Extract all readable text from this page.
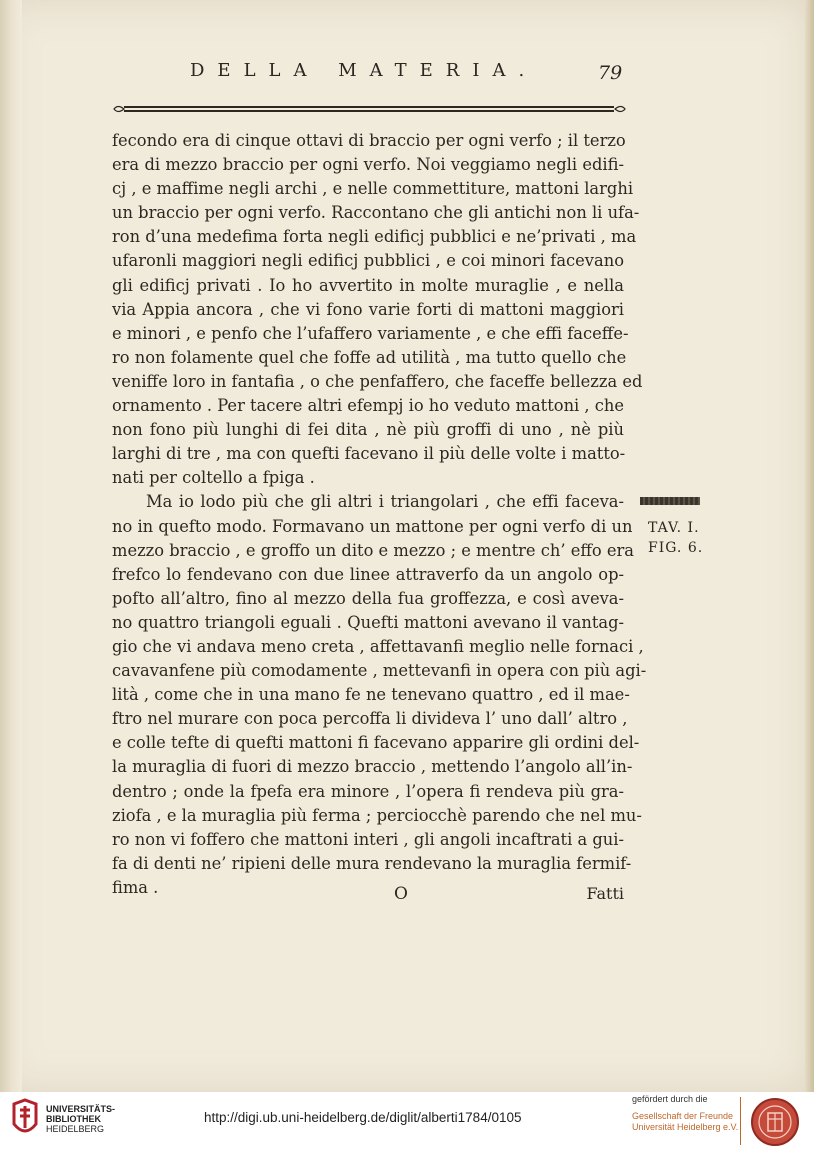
DELLA MATERIA.	79
fecondo era di cinque ottavi di braccio per ogni verfo ; il terzo
era di mezzo braccio per ogni verfo. Noi veggiamo negli edifi-
cj , e maffime negli archi , e nelle commettiture, mattoni larghi
un braccio per ogni verfo. Raccontano che gli antichi non li ufa-
ron d’una medefima forta negli edificj pubblici e ne’privati , ma
ufaronli maggiori negli edificj pubblici , e coi minori facevano
gli edificj privati . Io ho avvertito in molte muraglie , e nella
via Appia ancora , che vi fono varie forti di mattoni maggiori
e minori , e penfo che l’ufaffero variamente , e che effi faceffe-
ro non folamente quel che foffe ad utilità , ma tutto quello che
veniffe loro in fantafia , o che penfaffero, che faceffe bellezza ed
ornamento . Per tacere altri efempj io ho veduto mattoni , che
non fono più lunghi di fei dita , nè più groffi di uno , nè più
larghi di tre , ma con quefti facevano il più delle volte i matto-
nati per coltello a fpiga .
Ma io lodo più che gli altri i triangolari , che effi faceva-
no in quefto modo. Formavano un mattone per ogni verfo di un
mezzo braccio , e groffo un dito e mezzo ; e mentre ch’ effo era
frefco lo fendevano con due linee attraverfo da un angolo op-
pofto all’altro, fino al mezzo della fua groffezza, e così aveva-
no quattro triangoli eguali . Quefti mattoni avevano il vantag-
gio che vi andava meno creta , affettavanfi meglio nelle fornaci ,
cavavanfene più comodamente , mettevanfi in opera con più agi-
lità , come che in una mano fe ne tenevano quattro , ed il mae-
ftro nel murare con poca percoffa li divideva l’ uno dall’ altro ,
e colle tefte di quefti mattoni fi facevano apparire gli ordini del-
la muraglia di fuori di mezzo braccio , mettendo l’angolo all’in-
dentro ; onde la fpefa era minore , l’opera fi rendeva più gra-
ziofa , e la muraglia più ferma ; perciocchè parendo che nel mu-
ro non vi foffero che mattoni interi , gli angoli incaftrati a gui-
fa di denti ne’ ripieni delle mura rendevano la muraglia fermif-
fima .	O	Fatti
TAV. I.
FIG. 6.
UNIVERSITÄTS-
BIBLIOTHEK
HEIDELBERG
http://digi.ub.uni-heidelberg.de/diglit/alberti1784/0105
gefördert durch die
Gesellschaft der Freunde
Universität Heidelberg e.V.
